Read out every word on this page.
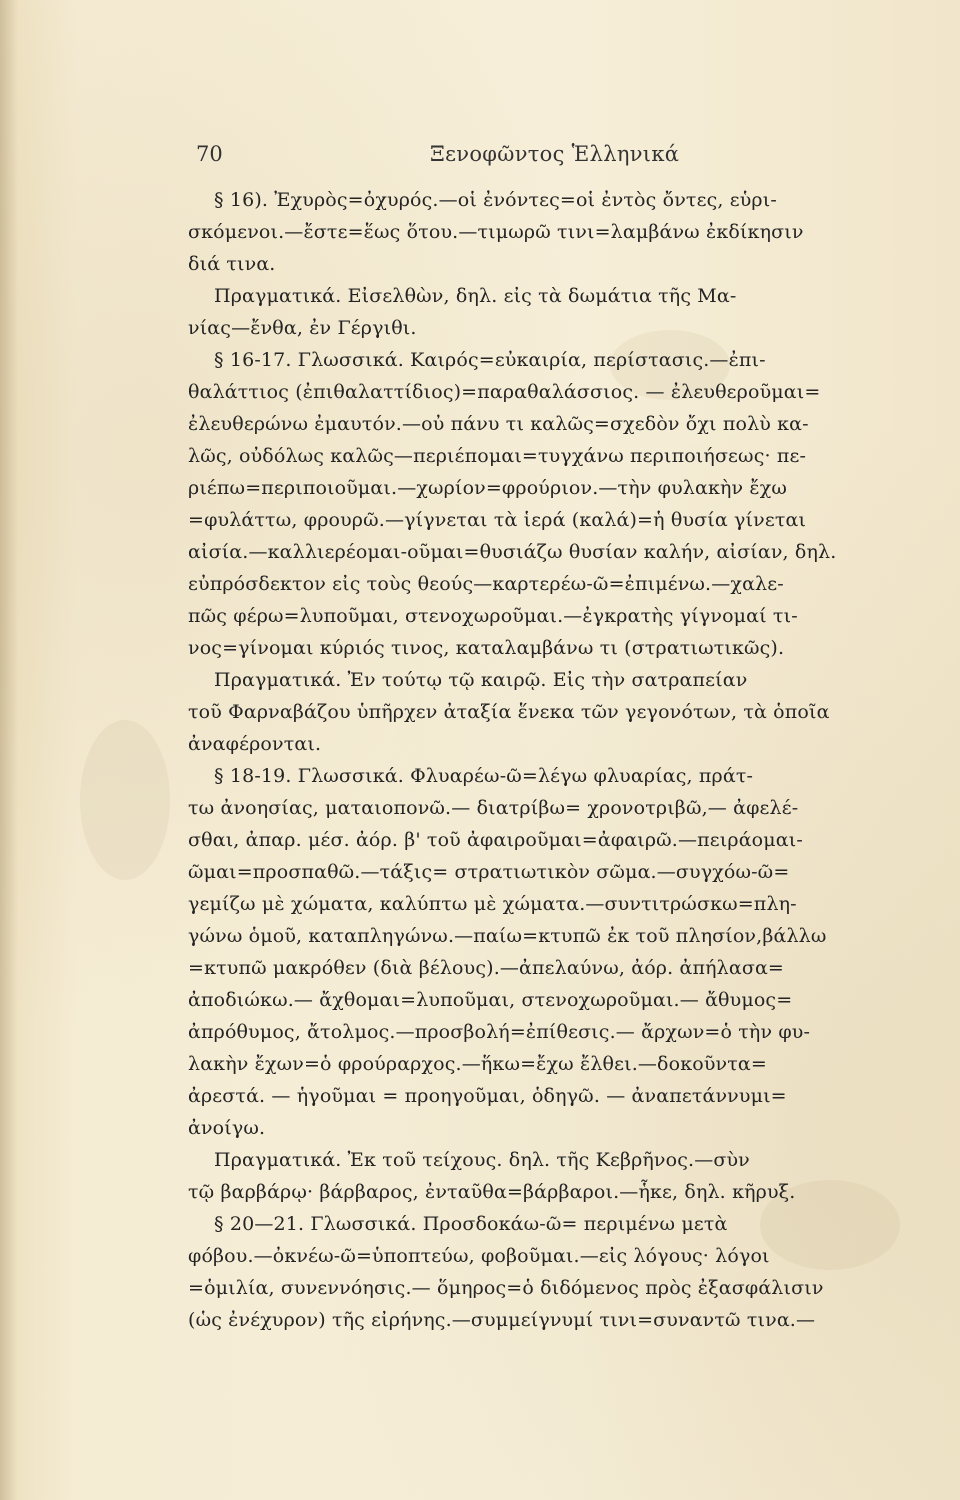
70	Ξενοφῶντος Ἑλληνικά
§ 16). Ἐχυρὸς=ὀχυρός.—οἱ ἐνόντες=οἱ ἐντὸς ὄντες, εὑρι-
σκόμενοι.—ἔστε=ἕως ὅτου.—τιμωρῶ τινι=λαμβάνω ἐκδίκησιν
διά τινα.
Πραγματικά. Εἰσελθὼν, δηλ. εἰς τὰ δωμάτια τῆς Μα-
νίας—ἔνθα, ἐν Γέργιθι.
§ 16-17. Γλωσσικά. Καιρός=εὐκαιρία, περίστασις.—ἐπι-
θαλάττιος (ἐπιθαλαττίδιος)=παραθαλάσσιος. — ἐλευθεροῦμαι=
ἐλευθερώνω ἐμαυτόν.—οὐ πάνυ τι καλῶς=σχεδὸν ὄχι πολὺ κα-
λῶς, οὐδόλως καλῶς—περιέπομαι=τυγχάνω περιποιήσεως· πε-
ριέπω=περιποιοῦμαι.—χωρίον=φρούριον.—τὴν φυλακὴν ἔχω
=φυλάττω, φρουρῶ.—γίγνεται τὰ ἱερά (καλά)=ἡ θυσία γίνεται
αἰσία.—καλλιερέομαι-οῦμαι=θυσιάζω θυσίαν καλήν, αἰσίαν, δηλ.
εὐπρόσδεκτον εἰς τοὺς θεούς—καρτερέω-ῶ=ἐπιμένω.—χαλε-
πῶς φέρω=λυποῦμαι, στενοχωροῦμαι.—ἐγκρατὴς γίγνομαί τι-
νος=γίνομαι κύριός τινος, καταλαμβάνω τι (στρατιωτικῶς).
Πραγματικά. Ἐν τούτῳ τῷ καιρῷ. Εἰς τὴν σατραπείαν
τοῦ Φαρναβάζου ὑπῆρχεν ἀταξία ἕνεκα τῶν γεγονότων, τὰ ὁποῖα
ἀναφέρονται.
§ 18-19. Γλωσσικά. Φλυαρέω-ῶ=λέγω φλυαρίας, πράτ-
τω ἀνοησίας, ματαιοπονῶ.— διατρίβω= χρονοτριβῶ,— ἀφελέ-
σθαι, ἀπαρ. μέσ. ἀόρ. β' τοῦ ἀφαιροῦμαι=ἀφαιρῶ.—πειράομαι-
ῶμαι=προσπαθῶ.—τάξις= στρατιωτικὸν σῶμα.—συγχόω-ῶ=
γεμίζω μὲ χώματα, καλύπτω μὲ χώματα.—συντιτρώσκω=πλη-
γώνω ὁμοῦ, καταπληγώνω.—παίω=κτυπῶ ἐκ τοῦ πλησίον,βάλλω
=κτυπῶ μακρόθεν (διὰ βέλους).—ἀπελαύνω, ἀόρ. ἀπήλασα=
ἀποδιώκω.— ἄχθομαι=λυποῦμαι, στενοχωροῦμαι.— ἄθυμος=
ἀπρόθυμος, ἄτολμος.—προσβολή=ἐπίθεσις.— ἄρχων=ὁ τὴν φυ-
λακὴν ἔχων=ὁ φρούραρχος.—ἥκω=ἔχω ἔλθει.—δοκοῦντα=
ἀρεστά. — ἡγοῦμαι = προηγοῦμαι, ὁδηγῶ. — ἀναπετάννυμι=
ἀνοίγω.
Πραγματικά. Ἐκ τοῦ τείχους. δηλ. τῆς Κεβρῆνος.—σὺν
τῷ βαρβάρῳ· βάρβαρος, ἐνταῦθα=βάρβαροι.—ἧκε, δηλ. κῆρυξ.
§ 20—21. Γλωσσικά. Προσδοκάω-ῶ= περιμένω μετὰ
φόβου.—ὀκνέω-ῶ=ὑποπτεύω, φοβοῦμαι.—εἰς λόγους· λόγοι
=ὁμιλία, συνεννόησις.— ὅμηρος=ὁ διδόμενος πρὸς ἐξασφάλισιν
(ὡς ἐνέχυρον) τῆς εἰρήνης.—συμμείγνυμί τινι=συναντῶ τινα.—
